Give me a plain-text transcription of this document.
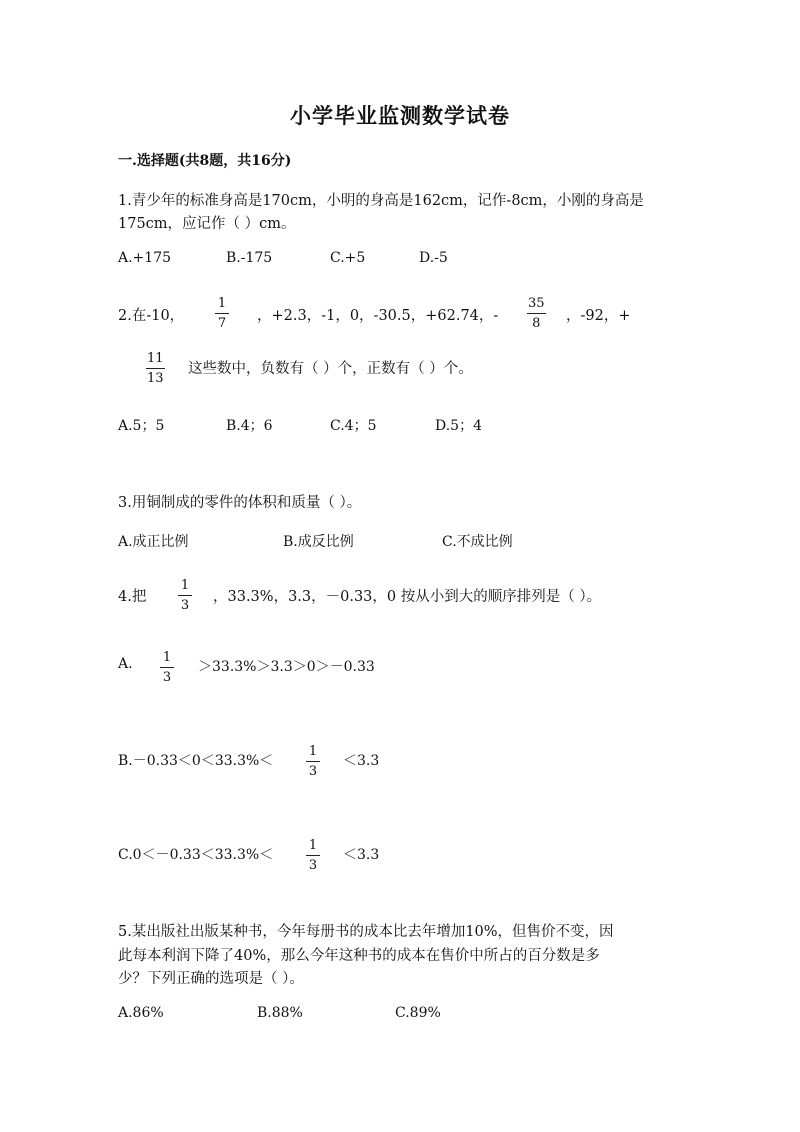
小学毕业监测数学试卷
一.选择题(共8题，共16分)
1.青少年的标准身高是170cm，小明的身高是162cm，记作-8cm，小刚的身高是
175cm，应记作（ ）cm。
A.+175	B.-175	C.+5	D.-5
2.在-10， $\frac{1}{7}$ ，+2.3，-1，0，-30.5，+62.74，- $\frac{35}{8}$ ，-92，+
$\frac{11}{13}$ 这些数中，负数有（ ）个，正数有（ ）个。
A.5；5	B.4；6	C.4；5	D.5；4
3.用铜制成的零件的体积和质量（ ）。
A.成正比例	B.成反比例	C.不成比例
4.把 $\frac{1}{3}$ ，33.3%，3.3，－0.33，0 按从小到大的顺序排列是（ ）。
A. $\frac{1}{3} >33.3\%>3.3>0>-0.33$
B.－0.33＜0＜33.3%＜	$\frac{1}{3} <3.3$
C.0＜－0.33＜33.3%＜	$\frac{1}{3} <3.3$
5.某出版社出版某种书，今年每册书的成本比去年增加10%，但售价不变，因
此每本利润下降了40%，那么今年这种书的成本在售价中所占的百分数是多
少？下列正确的选项是（ ）。
A.86%	B.88%	C.89%
